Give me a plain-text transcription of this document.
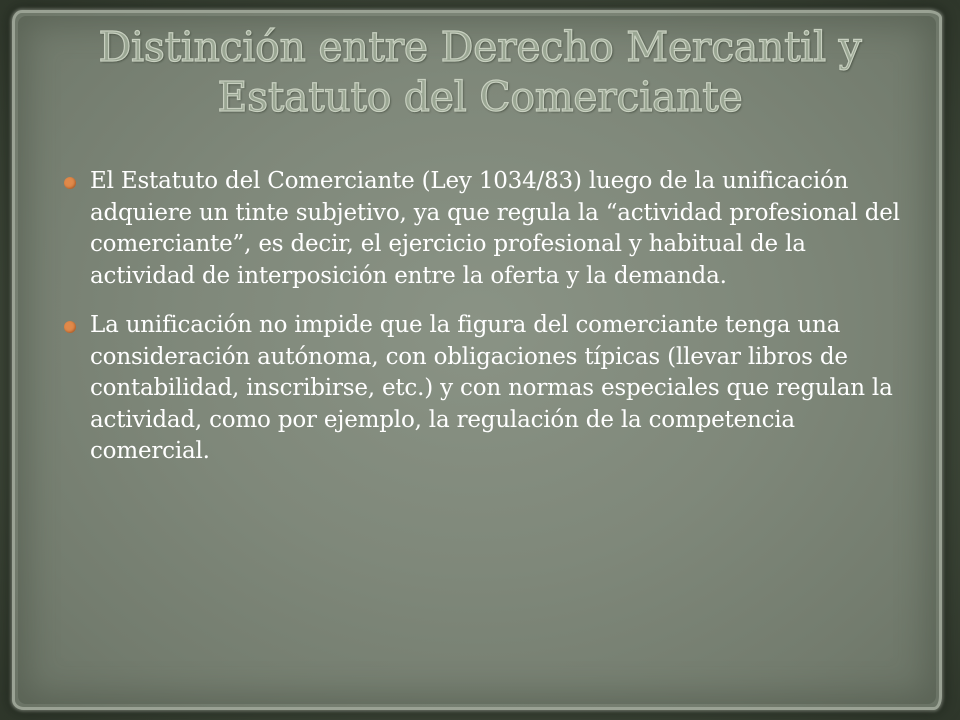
Distinción entre Derecho Mercantil y
Estatuto del Comerciante
El Estatuto del Comerciante (Ley 1034/83) luego de la unificación adquiere un tinte subjetivo, ya que regula la “actividad profesional del comerciante”, es decir, el ejercicio profesional y habitual de la actividad de interposición entre la oferta y la demanda.
La unificación no impide que la figura del comerciante tenga una consideración autónoma, con obligaciones típicas (llevar libros de contabilidad, inscribirse, etc.) y con normas especiales que regulan la actividad, como por ejemplo, la regulación de la competencia comercial.
